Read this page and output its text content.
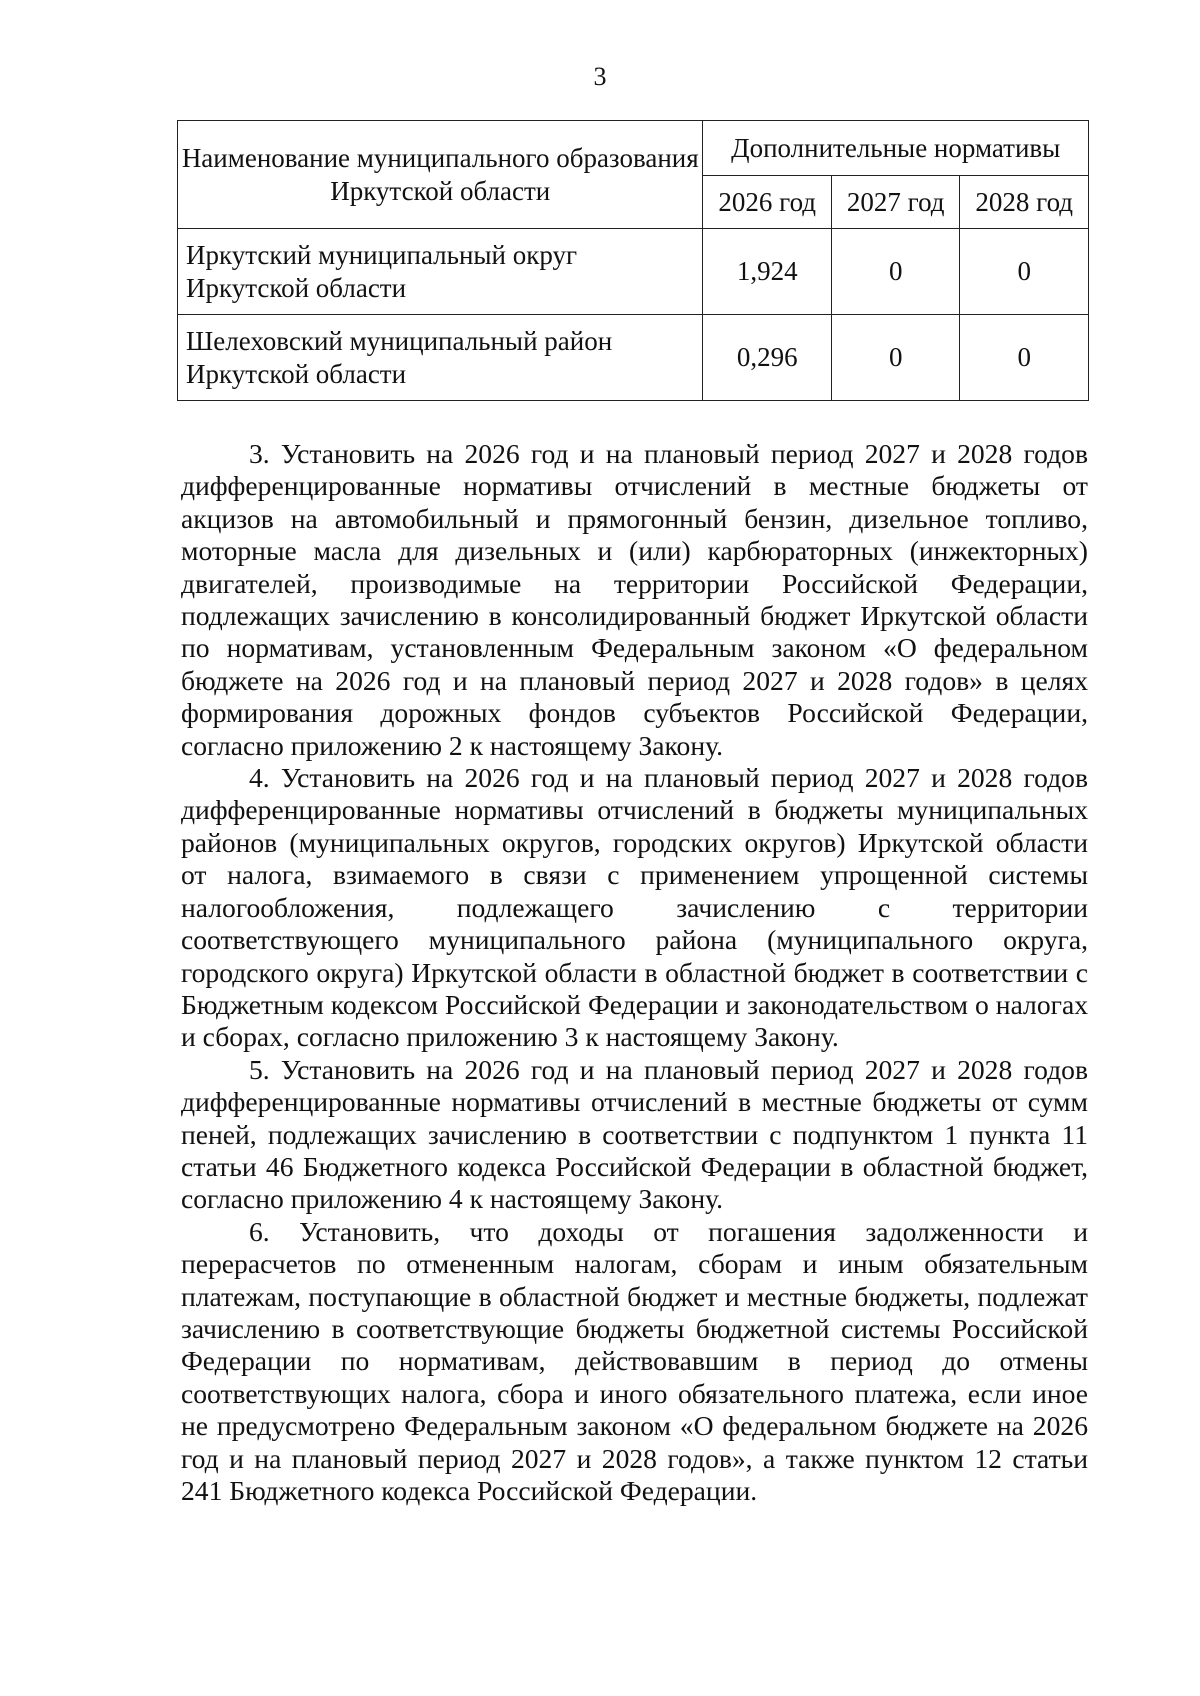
3
Наименование муниципального образования Иркутской области	Дополнительные нормативы		
	2026 год	2027 год	2028 год
Иркутский муниципальный округ Иркутской области	1,924	0	0
Шелеховский муниципальный район Иркутской области	0,296	0	0

3. Установить на 2026 год и на плановый период 2027 и 2028 годов дифференцированные нормативы отчислений в местные бюджеты от акцизов на автомобильный и прямогонный бензин, дизельное топливо, моторные масла для дизельных и (или) карбюраторных (инжекторных) двигателей, производимые на территории Российской Федерации, подлежащих зачислению в консолидированный бюджет Иркутской области по нормативам, установленным Федеральным законом «О федеральном бюджете на 2026 год и на плановый период 2027 и 2028 годов» в целях формирования дорожных фондов субъектов Российской Федерации, согласно приложению 2 к настоящему Закону.

4. Установить на 2026 год и на плановый период 2027 и 2028 годов дифференцированные нормативы отчислений в бюджеты муниципальных районов (муниципальных округов, городских округов) Иркутской области от налога, взимаемого в связи с применением упрощенной системы налогообложения, подлежащего зачислению с территории соответствующего муниципального района (муниципального округа, городского округа) Иркутской области в областной бюджет в соответствии с Бюджетным кодексом Российской Федерации и законодательством о налогах и сборах, согласно приложению 3 к настоящему Закону.

5. Установить на 2026 год и на плановый период 2027 и 2028 годов дифференцированные нормативы отчислений в местные бюджеты от сумм пеней, подлежащих зачислению в соответствии с подпунктом 1 пункта 11 статьи 46 Бюджетного кодекса Российской Федерации в областной бюджет, согласно приложению 4 к настоящему Закону.

6. Установить, что доходы от погашения задолженности и перерасчетов по отмененным налогам, сборам и иным обязательным платежам, поступающие в областной бюджет и местные бюджеты, подлежат зачислению в соответствующие бюджеты бюджетной системы Российской Федерации по нормативам, действовавшим в период до отмены соответствующих налога, сбора и иного обязательного платежа, если иное не предусмотрено Федеральным законом «О федеральном бюджете на 2026 год и на плановый период 2027 и 2028 годов», а также пунктом 12 статьи 241 Бюджетного кодекса Российской Федерации.
